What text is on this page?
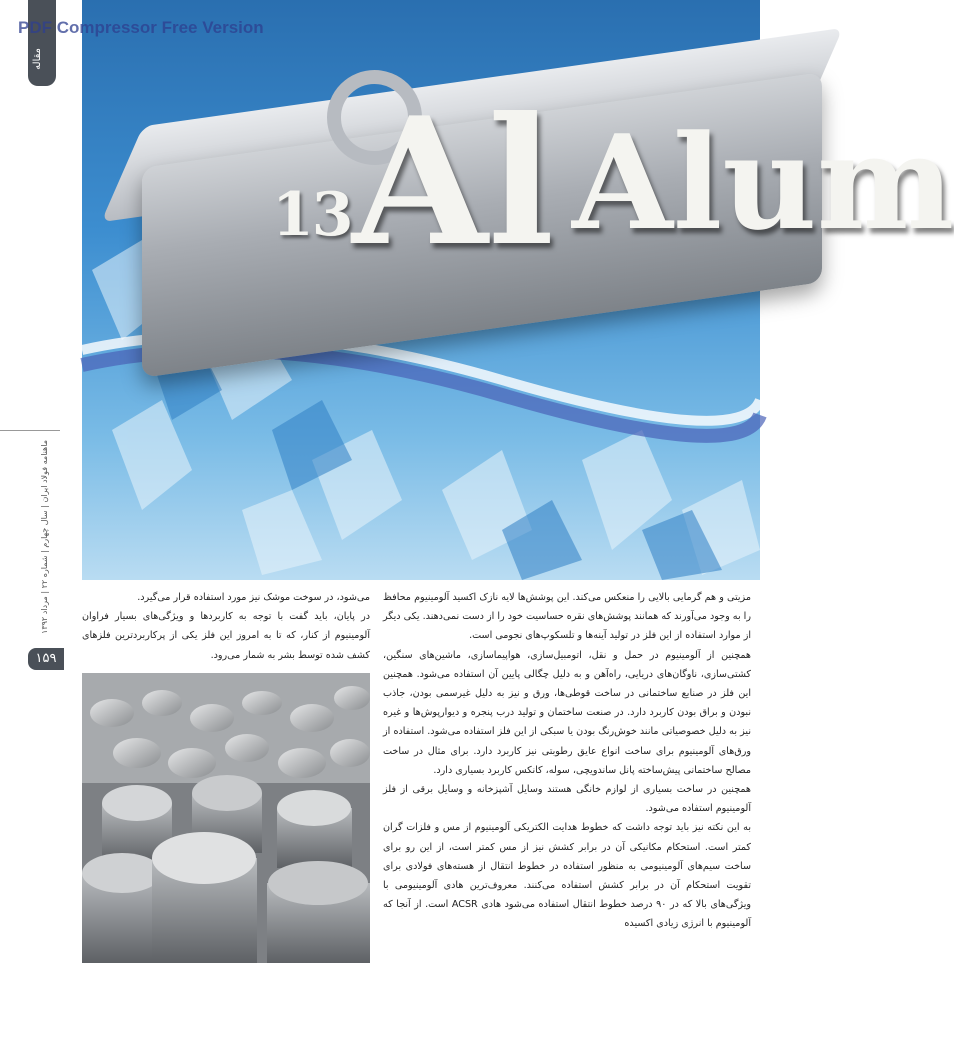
PDF Compressor Free Version
مقاله
ماهنامه فولاد ایران | سال چهارم | شماره ۲۲ | مرداد ۱۳۹۲
۱۵۹
13 Al Alum

مزیتی و هم گرمایی بالایی را منعکس می‌کند. این پوشش‌ها لایه نازک اکسید آلومینیوم محافظ را به وجود می‌آورند که همانند پوشش‌های نقره حساسیت خود را از دست نمی‌دهند. یکی دیگر از موارد استفاده از این فلز در تولید آینه‌ها و تلسکوپ‌های نجومی است.

همچنین از آلومینیوم در حمل و نقل، اتومبیل‌سازی، هواپیماسازی، ماشین‌های سنگین، کشتی‌سازی، ناوگان‌های دریایی، راه‌آهن و به دلیل چگالی پایین آن استفاده می‌شود. همچنین این فلز در صنایع ساختمانی در ساخت قوطی‌ها، ورق و نیز به دلیل غیرسمی بودن، جاذب نبودن و براق بودن کاربرد دارد. در صنعت ساختمان و تولید درب‌ پنجره و دیوارپوش‌ها و غیره نیز به دلیل خصوصیاتی مانند خوش‌رنگ بودن یا سبکی از این فلز استفاده می‌شود. استفاده از ورق‌های آلومینیوم برای ساخت انواع عایق رطوبتی نیز کاربرد دارد. برای مثال در ساخت مصالح ساختمانی پیش‌ساخته پانل ساندویچی، سوله، کانکس کاربرد بسیاری دارد.

همچنین در ساخت بسیاری از لوازم خانگی هستند وسایل آشپزخانه و وسایل برقی از فلز آلومینیوم استفاده می‌شود.

به این نکته نیز باید توجه داشت که خطوط هدایت الکتریکی آلومینیوم از مس و فلزات گران کمتر است. استحکام مکانیکی آن در برابر کشش نیز از مس کمتر است، از این رو برای ساخت سیم‌های آلومینیومی به منظور استفاده در خطوط انتقال از هسته‌های فولادی برای تقویت استحکام آن در برابر کشش استفاده می‌کنند. معروف‌ترین هادی آلومینیومی با ویژگی‌های بالا که در ۹۰ درصد خطوط انتقال استفاده می‌شود هادی ACSR است. از آنجا که آلومینیوم با انرژی زیادی اکسیده

می‌شود، در سوخت موشک نیز مورد استفاده قرار می‌گیرد.

در پایان، باید گفت با توجه به کاربردها و ویژگی‌های بسیار فراوان آلومینیوم از کنار، که تا به امروز این فلز یکی از پرکاربردترین فلزهای کشف شده توسط بشر به شمار می‌رود.
